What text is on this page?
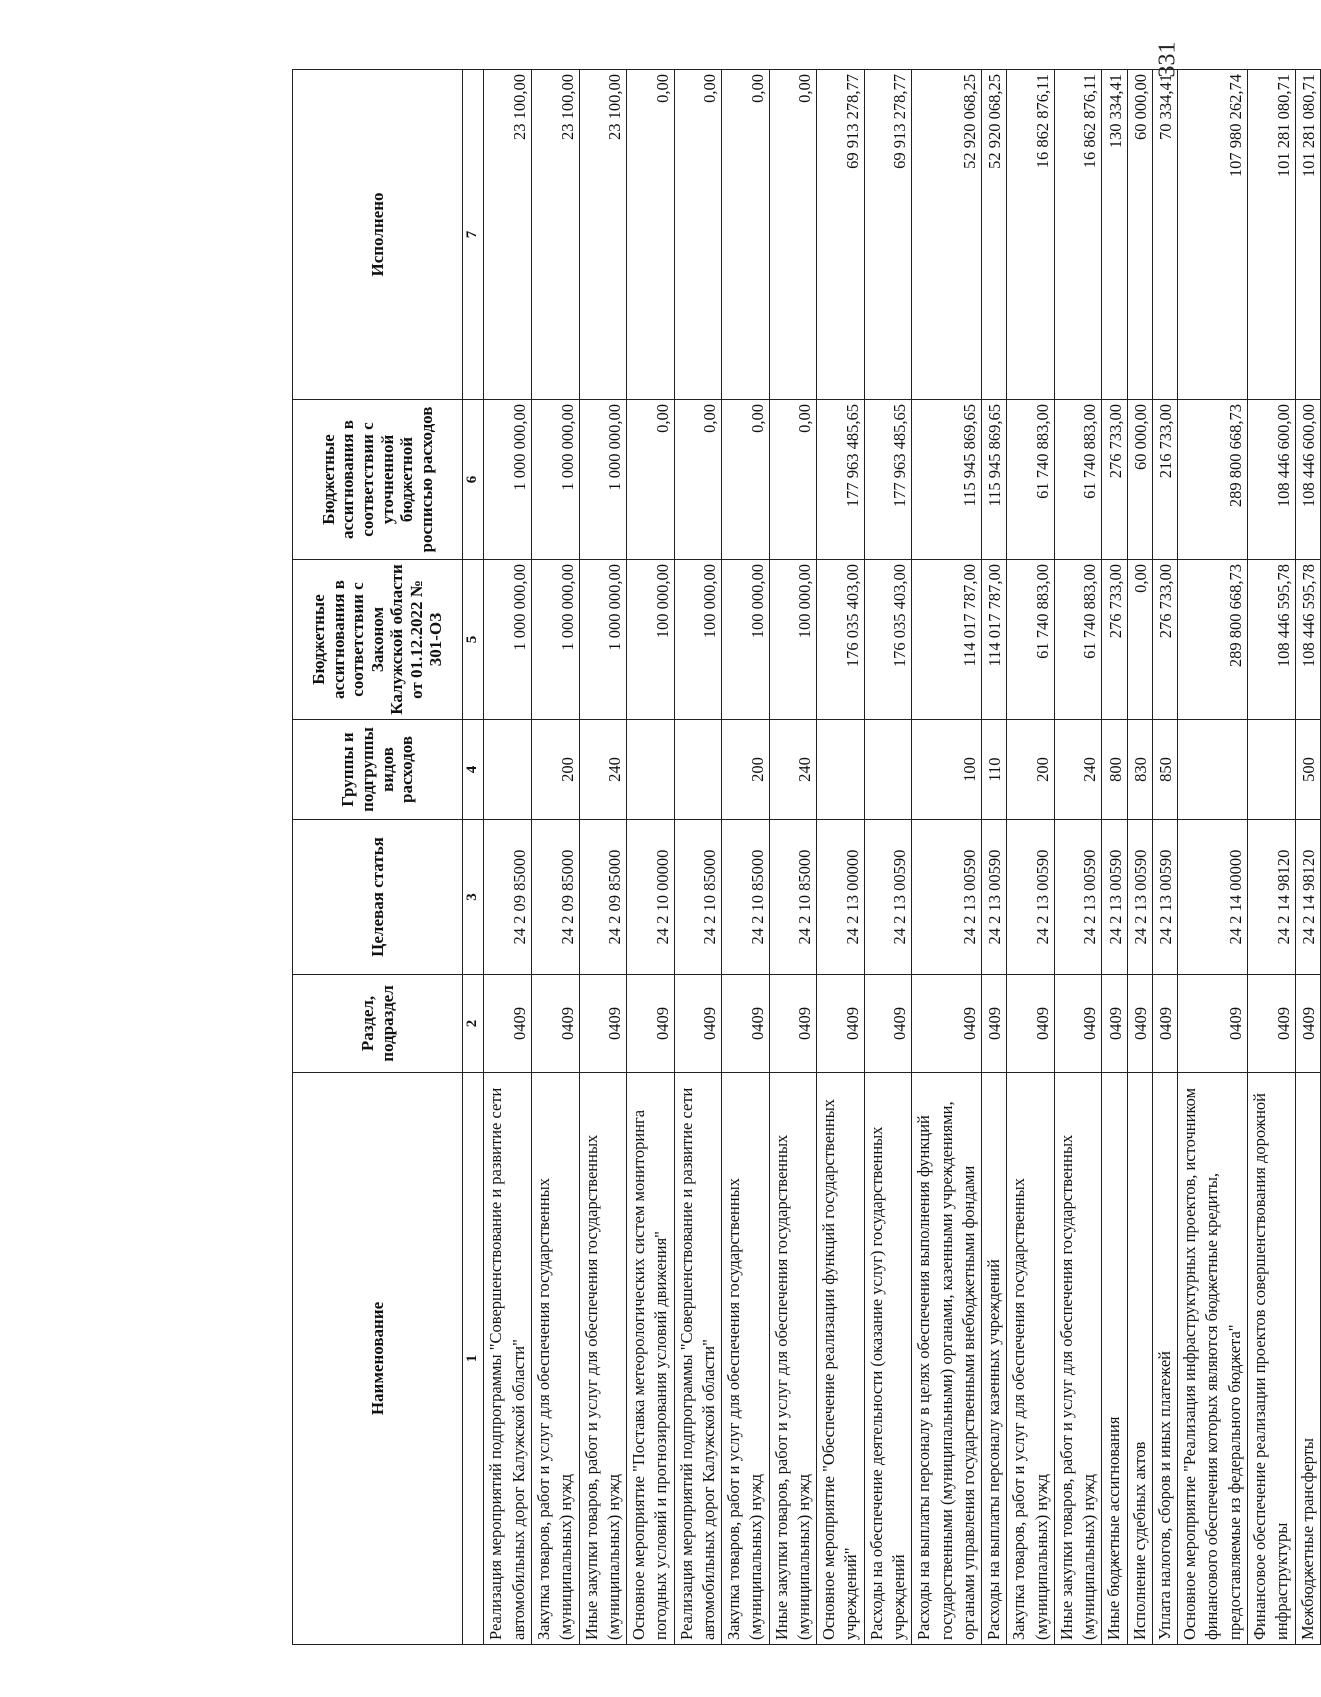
331
Наименование	Раздел, подраздел	Целевая статья	Группы и подгруппы видов расходов	Бюджетные ассигнования в соответствии с Законом Калужской области от 01.12.2022 № 301-ОЗ	Бюджетные ассигнования в соответствии с уточненной бюджетной росписью расходов	Исполнено
1	2	3	4	5	6	7
Реализация мероприятий подпрограммы "Совершенствование и развитие сети автомобильных дорог Калужской области"	0409	24 2 09 85000		1 000 000,00	1 000 000,00	23 100,00
Закупка товаров, работ и услуг для обеспечения государственных (муниципальных) нужд	0409	24 2 09 85000	200	1 000 000,00	1 000 000,00	23 100,00
Иные закупки товаров, работ и услуг для обеспечения государственных (муниципальных) нужд	0409	24 2 09 85000	240	1 000 000,00	1 000 000,00	23 100,00
Основное мероприятие "Поставка метеорологических систем мониторинга погодных условий и прогнозирования условий движения"	0409	24 2 10 00000		100 000,00	0,00	0,00
Реализация мероприятий подпрограммы "Совершенствование и развитие сети автомобильных дорог Калужской области"	0409	24 2 10 85000		100 000,00	0,00	0,00
Закупка товаров, работ и услуг для обеспечения государственных (муниципальных) нужд	0409	24 2 10 85000	200	100 000,00	0,00	0,00
Иные закупки товаров, работ и услуг для обеспечения государственных (муниципальных) нужд	0409	24 2 10 85000	240	100 000,00	0,00	0,00
Основное мероприятие "Обеспечение реализации функций государственных учреждений"	0409	24 2 13 00000		176 035 403,00	177 963 485,65	69 913 278,77
Расходы на обеспечение деятельности (оказание услуг) государственных учреждений	0409	24 2 13 00590		176 035 403,00	177 963 485,65	69 913 278,77
Расходы на выплаты персоналу в целях обеспечения выполнения функций государственными (муниципальными) органами, казенными учреждениями, органами управления государственными внебюджетными фондами	0409	24 2 13 00590	100	114 017 787,00	115 945 869,65	52 920 068,25
Расходы на выплаты персоналу казенных учреждений	0409	24 2 13 00590	110	114 017 787,00	115 945 869,65	52 920 068,25
Закупка товаров, работ и услуг для обеспечения государственных (муниципальных) нужд	0409	24 2 13 00590	200	61 740 883,00	61 740 883,00	16 862 876,11
Иные закупки товаров, работ и услуг для обеспечения государственных (муниципальных) нужд	0409	24 2 13 00590	240	61 740 883,00	61 740 883,00	16 862 876,11
Иные бюджетные ассигнования	0409	24 2 13 00590	800	276 733,00	276 733,00	130 334,41
Исполнение судебных актов	0409	24 2 13 00590	830	0,00	60 000,00	60 000,00
Уплата налогов, сборов и иных платежей	0409	24 2 13 00590	850	276 733,00	216 733,00	70 334,41
Основное мероприятие "Реализация инфраструктурных проектов, источником финансового обеспечения которых являются бюджетные кредиты, предоставляемые из федерального бюджета"	0409	24 2 14 00000		289 800 668,73	289 800 668,73	107 980 262,74
Финансовое обеспечение реализации проектов совершенствования дорожной инфраструктуры	0409	24 2 14 98120		108 446 595,78	108 446 600,00	101 281 080,71
Межбюджетные трансферты	0409	24 2 14 98120	500	108 446 595,78	108 446 600,00	101 281 080,71
